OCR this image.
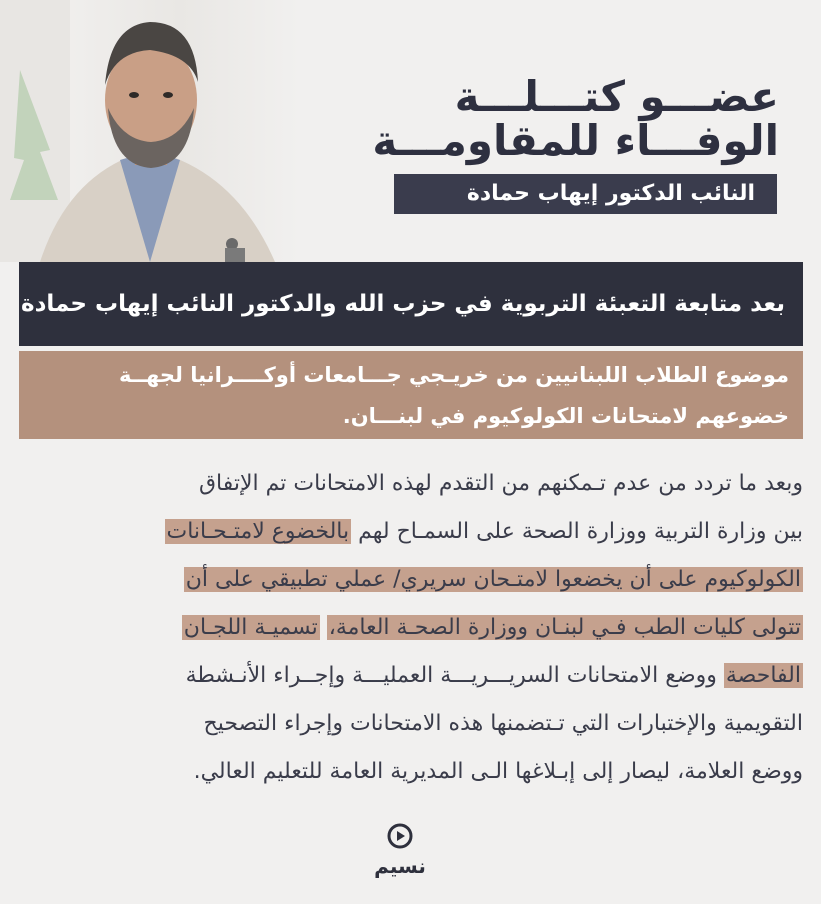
عضـــو كتـــلـــة
الوفـــاء للمقاومـــة
النائب الدكتور إيهاب حمادة
بعد متابعة التعبئة التربوية في حزب الله والدكتور النائب إيهاب حمادة
موضوع الطلاب اللبنانيين من خريـجي جـــامعات أوكــــرانيا لجهــة
خضوعهم لامتحانات الكولوكيوم في لبنـــان.
وبعد ما تردد من عدم تـمكنهم من التقدم لهذه الامتحانات تم الإتفاق
بين وزارة التربية ووزارة الصحة على السمـاح لهم بالخضوع لامتـحـانات
الكولوكيوم على أن يخضعوا لامتـحان سريري/ عملي تطبيقي على أن
تتولى كليات الطب فـي لبنـان ووزارة الصحـة العامة، تسميـة اللجـان
الفاحصة ووضع الامتحانات السريـــريـــة العمليـــة وإجــراء الأنـشطة
التقويمية والإختبارات التي تـتضمنها هذه الامتحانات وإجراء التصحيح
ووضع العلامة، ليصار إلى إبـلاغها الـى المديرية العامة للتعليم العالي.
نسيم
